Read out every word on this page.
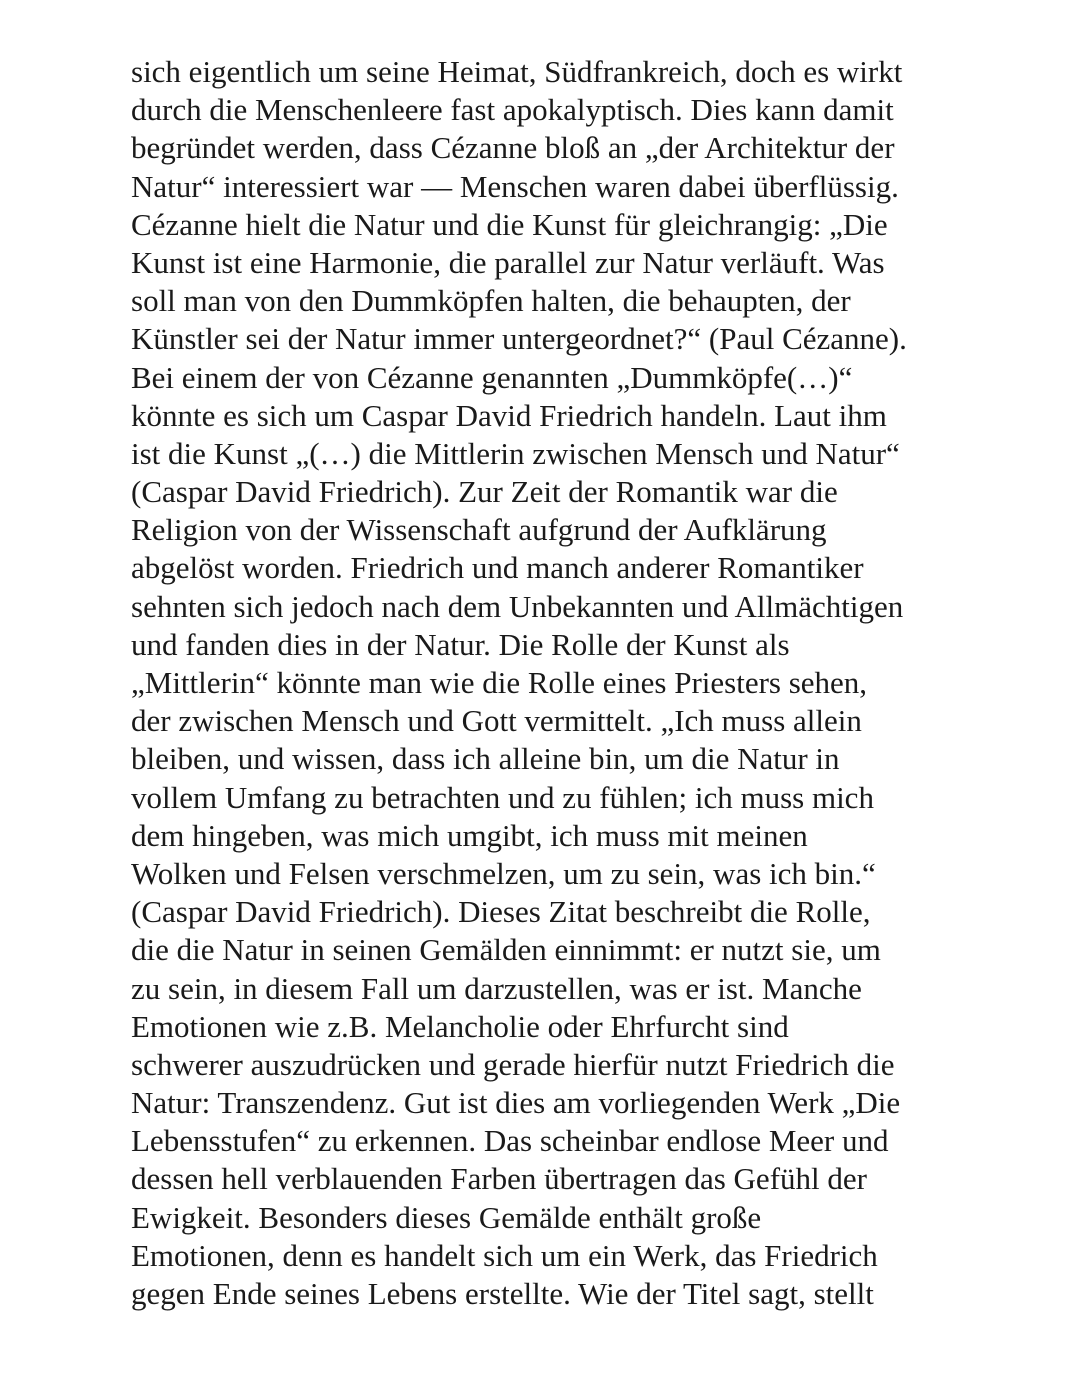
sich eigentlich um seine Heimat, Südfrankreich, doch es wirkt
durch die Menschenleere fast apokalyptisch. Dies kann damit
begründet werden, dass Cézanne bloß an „der Architektur der
Natur“ interessiert war — Menschen waren dabei überflüssig.
Cézanne hielt die Natur und die Kunst für gleichrangig: „Die
Kunst ist eine Harmonie, die parallel zur Natur verläuft. Was
soll man von den Dummköpfen halten, die behaupten, der
Künstler sei der Natur immer untergeordnet?“ (Paul Cézanne).
Bei einem der von Cézanne genannten „Dummköpfe(…)“
könnte es sich um Caspar David Friedrich handeln. Laut ihm
ist die Kunst „(…) die Mittlerin zwischen Mensch und Natur“
(Caspar David Friedrich). Zur Zeit der Romantik war die
Religion von der Wissenschaft aufgrund der Aufklärung
abgelöst worden. Friedrich und manch anderer Romantiker
sehnten sich jedoch nach dem Unbekannten und Allmächtigen
und fanden dies in der Natur. Die Rolle der Kunst als
„Mittlerin“ könnte man wie die Rolle eines Priesters sehen,
der zwischen Mensch und Gott vermittelt. „Ich muss allein
bleiben, und wissen, dass ich alleine bin, um die Natur in
vollem Umfang zu betrachten und zu fühlen; ich muss mich
dem hingeben, was mich umgibt, ich muss mit meinen
Wolken und Felsen verschmelzen, um zu sein, was ich bin.“
(Caspar David Friedrich). Dieses Zitat beschreibt die Rolle,
die die Natur in seinen Gemälden einnimmt: er nutzt sie, um
zu sein, in diesem Fall um darzustellen, was er ist. Manche
Emotionen wie z.B. Melancholie oder Ehrfurcht sind
schwerer auszudrücken und gerade hierfür nutzt Friedrich die
Natur: Transzendenz. Gut ist dies am vorliegenden Werk „Die
Lebensstufen“ zu erkennen. Das scheinbar endlose Meer und
dessen hell verblauenden Farben übertragen das Gefühl der
Ewigkeit. Besonders dieses Gemälde enthält große
Emotionen, denn es handelt sich um ein Werk, das Friedrich
gegen Ende seines Lebens erstellte. Wie der Titel sagt, stellt
